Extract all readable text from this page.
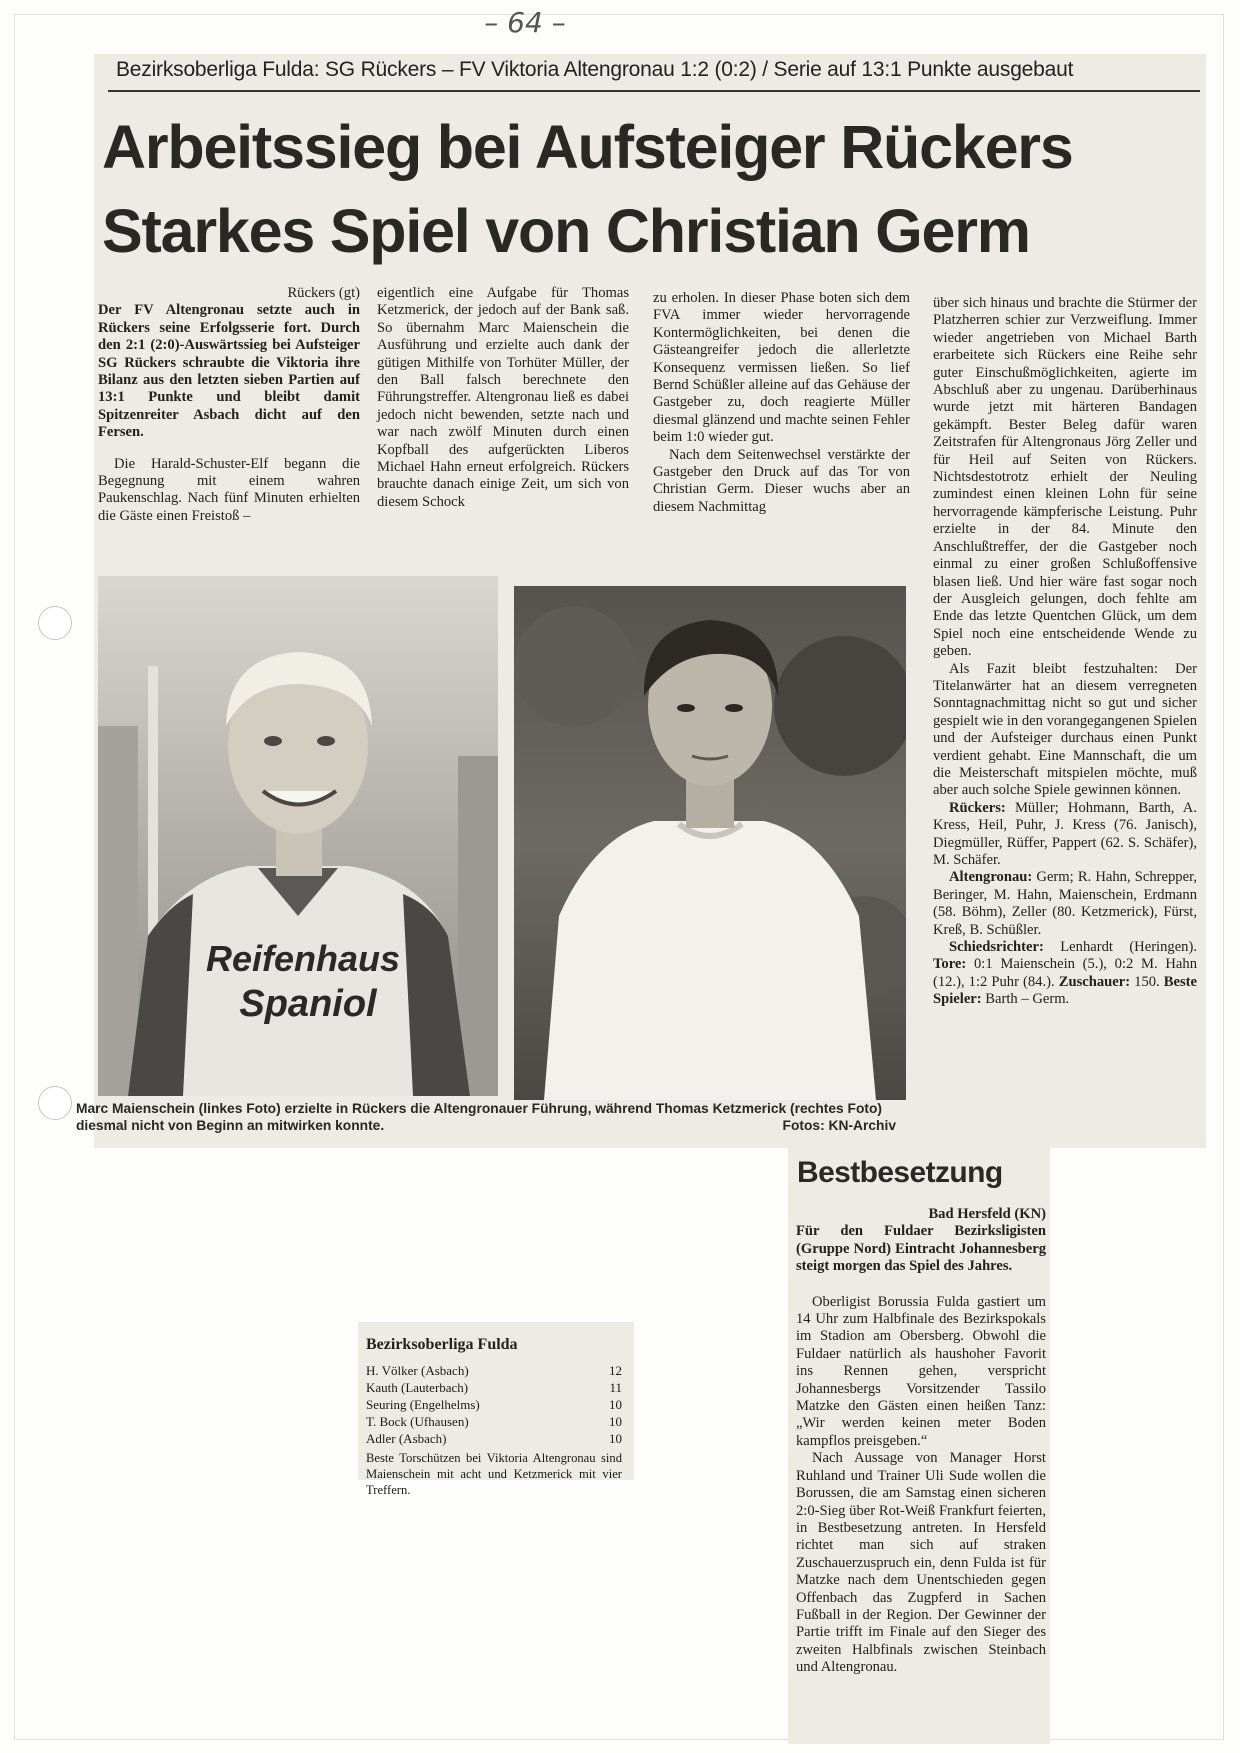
– 64 –
Bezirksoberliga Fulda: SG Rückers – FV Viktoria Altengronau 1:2 (0:2) / Serie auf 13:1 Punkte ausgebaut
Arbeitssieg bei Aufsteiger Rückers
Starkes Spiel von Christian Germ
Rückers (gt)

Der FV Altengronau setzte auch in Rückers seine Erfolgsserie fort. Durch den 2:1 (2:0)-Auswärtssieg bei Aufsteiger SG Rückers schraubte die Viktoria ihre Bilanz aus den letzten sieben Partien auf 13:1 Punkte und bleibt damit Spitzenreiter Asbach dicht auf den Fersen.

Die Harald-Schuster-Elf begann die Begegnung mit einem wahren Paukenschlag. Nach fünf Minuten erhielten die Gäste einen Freistoß –

eigentlich eine Aufgabe für Thomas Ketzmerick, der jedoch auf der Bank saß. So übernahm Marc Maienschein die Ausführung und erzielte auch dank der gütigen Mithilfe von Torhüter Müller, der den Ball falsch berechnete den Führungstreffer. Altengronau ließ es dabei jedoch nicht bewenden, setzte nach und war nach zwölf Minuten durch einen Kopfball des aufgerückten Liberos Michael Hahn erneut erfolgreich. Rückers brauchte danach einige Zeit, um sich von diesem Schock

zu erholen. In dieser Phase boten sich dem FVA immer wieder hervorragende Kontermöglichkeiten, bei denen die Gästeangreifer jedoch die allerletzte Konsequenz vermissen ließen. So lief Bernd Schüßler alleine auf das Gehäuse der Gastgeber zu, doch reagierte Müller diesmal glänzend und machte seinen Fehler beim 1:0 wieder gut.

Nach dem Seitenwechsel verstärkte der Gastgeber den Druck auf das Tor von Christian Germ. Dieser wuchs aber an diesem Nachmittag

über sich hinaus und brachte die Stürmer der Platzherren schier zur Verzweiflung. Immer wieder angetrieben von Michael Barth erarbeitete sich Rückers eine Reihe sehr guter Einschußmöglichkeiten, agierte im Abschluß aber zu ungenau. Darüberhinaus wurde jetzt mit härteren Bandagen gekämpft. Bester Beleg dafür waren Zeitstrafen für Altengronaus Jörg Zeller und für Heil auf Seiten von Rückers. Nichtsdestotrotz erhielt der Neuling zumindest einen kleinen Lohn für seine hervorragende kämpferische Leistung. Puhr erzielte in der 84. Minute den Anschlußtreffer, der die Gastgeber noch einmal zu einer großen Schlußoffensive blasen ließ. Und hier wäre fast sogar noch der Ausgleich gelungen, doch fehlte am Ende das letzte Quentchen Glück, um dem Spiel noch eine entscheidende Wende zu geben.

Als Fazit bleibt festzuhalten: Der Titelanwärter hat an diesem verregneten Sonntagnachmittag nicht so gut und sicher gespielt wie in den vorangegangenen Spielen und der Aufsteiger durchaus einen Punkt verdient gehabt. Eine Mannschaft, die um die Meisterschaft mitspielen möchte, muß aber auch solche Spiele gewinnen können.

Rückers: Müller; Hohmann, Barth, A. Kress, Heil, Puhr, J. Kress (76. Janisch), Diegmüller, Rüffer, Pappert (62. S. Schäfer), M. Schäfer.

Altengronau: Germ; R. Hahn, Schrepper, Beringer, M. Hahn, Maienschein, Erdmann (58. Böhm), Zeller (80. Ketzmerick), Fürst, Kreß, B. Schüßler.

Schiedsrichter: Lenhardt (Heringen). Tore: 0:1 Maienschein (5.), 0:2 M. Hahn (12.), 1:2 Puhr (84.). Zuschauer: 150. Beste Spieler: Barth – Germ.

Reifenhaus
Spaniol
Marc Maienschein (linkes Foto) erzielte in Rückers die Altengronauer Führung, während Thomas Ketzmerick (rechtes Foto) diesmal nicht von Beginn an mitwirken konnte.	Fotos: KN-Archiv
Bestbesetzung
Bad Hersfeld (KN)

Für den Fuldaer Bezirksligisten (Gruppe Nord) Eintracht Johannesberg steigt morgen das Spiel des Jahres.

Oberligist Borussia Fulda gastiert um 14 Uhr zum Halbfinale des Bezirkspokals im Stadion am Obersberg. Obwohl die Fuldaer natürlich als haushoher Favorit ins Rennen gehen, verspricht Johannesbergs Vorsitzender Tassilo Matzke den Gästen einen heißen Tanz: „Wir werden keinen meter Boden kampflos preisgeben.“

Nach Aussage von Manager Horst Ruhland und Trainer Uli Sude wollen die Borussen, die am Samstag einen sicheren 2:0-Sieg über Rot-Weiß Frankfurt feierten, in Bestbesetzung antreten. In Hersfeld richtet man sich auf straken Zuschauerzuspruch ein, denn Fulda ist für Matzke nach dem Unentschieden gegen Offenbach das Zugpferd in Sachen Fußball in der Region. Der Gewinner der Partie trifft im Finale auf den Sieger des zweiten Halbfinals zwischen Steinbach und Altengronau.

Bezirksoberliga Fulda
H. Völker (Asbach)	12
Kauth (Lauterbach)	11
Seuring (Engelhelms)	10
T. Bock (Ufhausen)	10
Adler (Asbach)	10
Beste Torschützen bei Viktoria Altengronau sind Maienschein mit acht und Ketzmerick mit vier Treffern.
